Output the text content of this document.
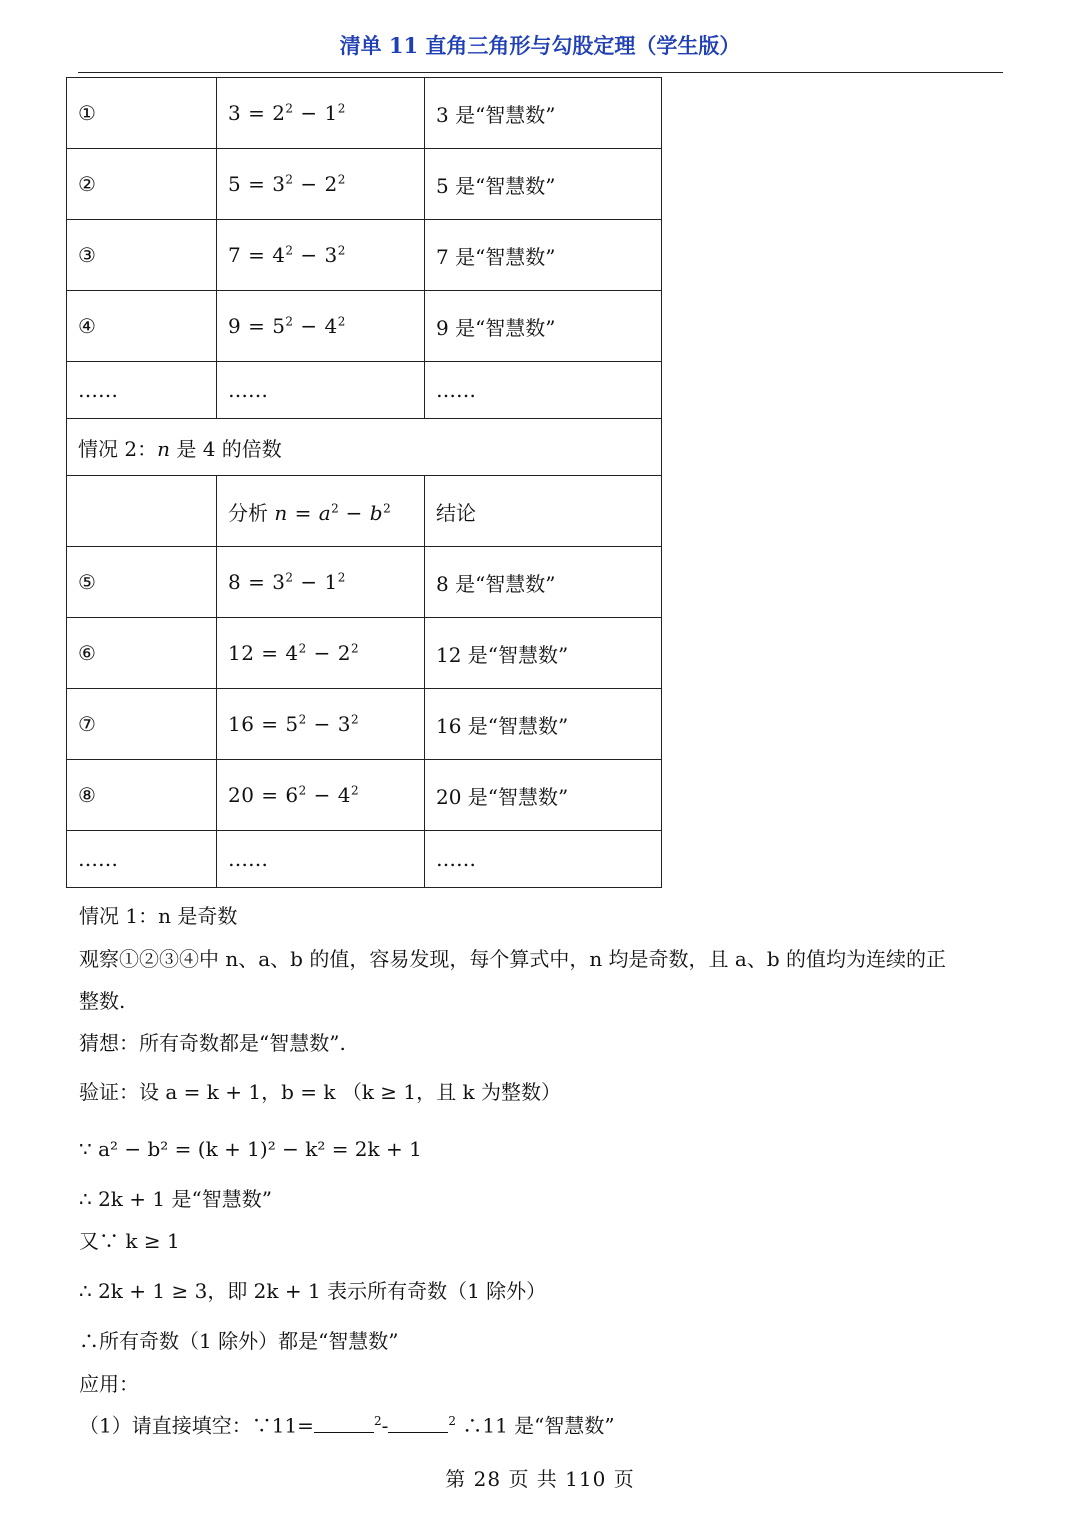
清单 11 直角三角形与勾股定理（学生版）
①	$3 = 2^2 - 1^2$	3 是“智慧数”
②	$5 = 3^2 - 2^2$	5 是“智慧数”
③	$7 = 4^2 - 3^2$	7 是“智慧数”
④	$9 = 5^2 - 4^2$	9 是“智慧数”
……	……	……
情况 2：n 是 4 的倍数		
	分析 $n = a^2 - b^2$	结论
⑤	$8 = 3^2 - 1^2$	8 是“智慧数”
⑥	$12 = 4^2 - 2^2$	12 是“智慧数”
⑦	$16 = 5^2 - 3^2$	16 是“智慧数”
⑧	$20 = 6^2 - 4^2$	20 是“智慧数”
……	……	……
情况 1：n 是奇数
观察①②③④中 n、a、b 的值，容易发现，每个算式中，n 均是奇数，且 a、b 的值均为连续的正
整数.
猜想：所有奇数都是“智慧数”.
验证：设 a = k + 1，b = k （k ≥ 1，且 k 为整数）
∵ a² − b² = (k + 1)² − k² = 2k + 1
∴ 2k + 1 是“智慧数”
又∵ k ≥ 1
∴ 2k + 1 ≥ 3，即 2k + 1 表示所有奇数（1 除外）
∴所有奇数（1 除外）都是“智慧数”
应用：
（1）请直接填空：∵11=	$^2$-	$^2$ ∴11 是“智慧数”
第 28 页 共 110 页
